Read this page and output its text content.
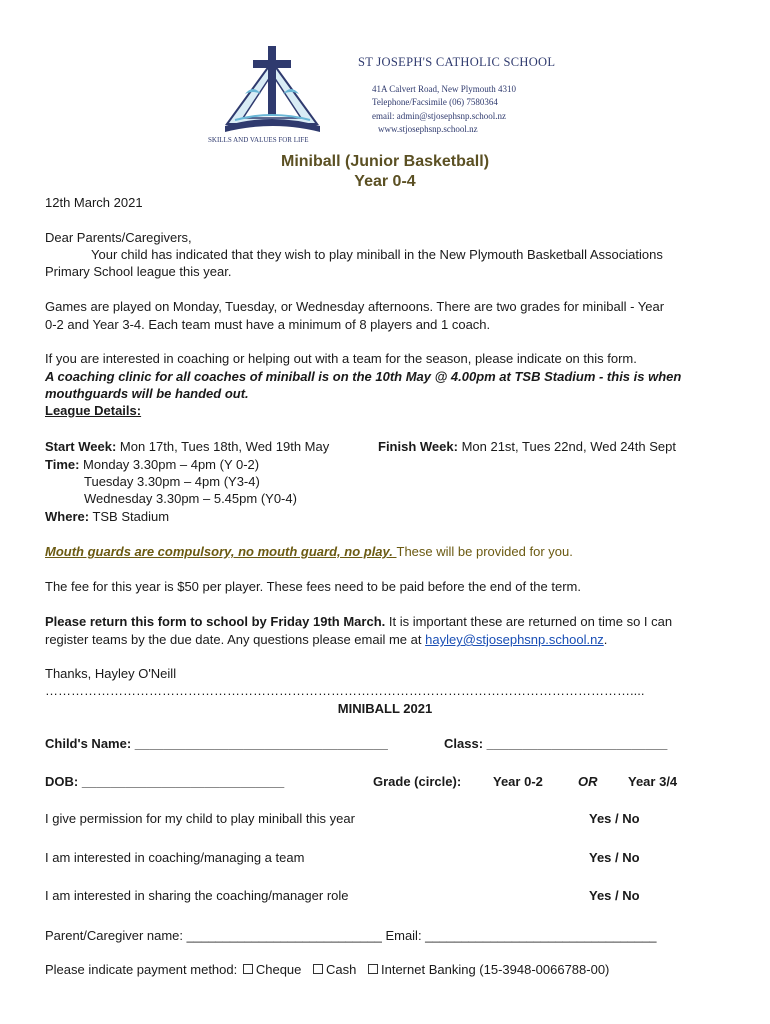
SKILLS AND VALUES FOR LIFE
ST JOSEPH'S CATHOLIC SCHOOL
41A Calvert Road, New Plymouth 4310
Telephone/Facsimile (06) 7580364
email: admin@stjosephsnp.school.nz
www.stjosephsnp.school.nz
Miniball (Junior Basketball)
Year 0-4
12th March 2021
Dear Parents/Caregivers,
Your child has indicated that they wish to play miniball in the New Plymouth Basketball Associations
Primary School league this year.
Games are played on Monday, Tuesday, or Wednesday afternoons. There are two grades for miniball - Year
0-2 and Year 3-4. Each team must have a minimum of 8 players and 1 coach.
If you are interested in coaching or helping out with a team for the season, please indicate on this form.
A coaching clinic for all coaches of miniball is on the 10th May @ 4.00pm at TSB Stadium - this is when
mouthguards will be handed out.
League Details:
Start Week: Mon 17th, Tues 18th, Wed 19th May	Finish Week: Mon 21st, Tues 22nd, Wed 24th Sept
Time: Monday 3.30pm – 4pm (Y 0-2)
Tuesday 3.30pm – 4pm (Y3-4)
Wednesday 3.30pm – 5.45pm (Y0-4)
Where: TSB Stadium
Mouth guards are compulsory, no mouth guard, no play. These will be provided for you.
The fee for this year is $50 per player. These fees need to be paid before the end of the term.
Please return this form to school by Friday 19th March. It is important these are returned on time so I can
register teams by the due date. Any questions please email me at hayley@stjosephsnp.school.nz.
Thanks, Hayley O'Neill
………………………………………………………………………………………………………………………....
MINIBALL 2021
Child's Name: ___________________________________	Class: _________________________
DOB: ____________________________	Grade (circle): Year 0-2	OR Year 3/4
I give permission for my child to play miniball this year	Yes / No
I am interested in coaching/managing a team	Yes / No
I am interested in sharing the coaching/manager role	Yes / No
Parent/Caregiver name: ___________________________ Email: ________________________________
Please indicate payment method: Cheque Cash Internet Banking (15-3948-0066788-00)
